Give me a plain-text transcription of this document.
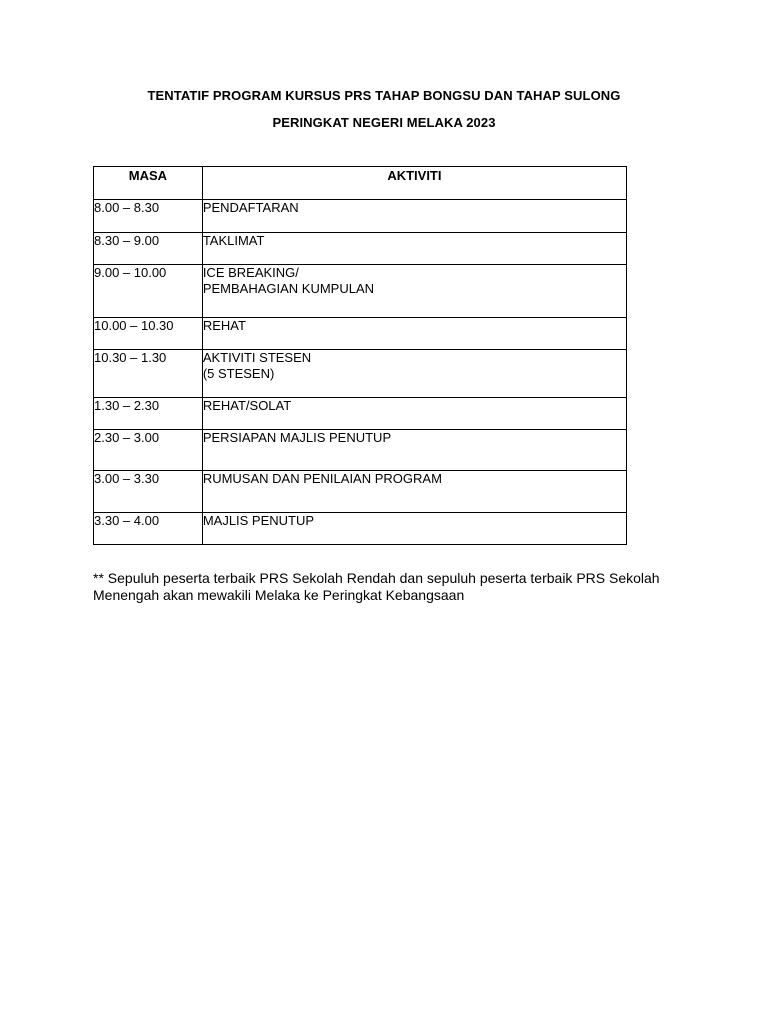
TENTATIF PROGRAM KURSUS PRS TAHAP BONGSU DAN TAHAP SULONG
PERINGKAT NEGERI MELAKA 2023
MASA	AKTIVITI

8.00 – 8.30	PENDAFTARAN

8.30 – 9.00	TAKLIMAT

9.00 – 10.00	ICE BREAKING/
PEMBAHAGIAN KUMPULAN

10.00 – 10.30	REHAT

10.30 – 1.30	AKTIVITI STESEN
(5 STESEN)

1.30 – 2.30	REHAT/SOLAT

2.30 – 3.00	PERSIAPAN MAJLIS PENUTUP

3.00 – 3.30	RUMUSAN DAN PENILAIAN PROGRAM

3.30 – 4.00	MAJLIS PENUTUP
** Sepuluh peserta terbaik PRS Sekolah Rendah dan sepuluh peserta terbaik PRS Sekolah
Menengah akan mewakili Melaka ke Peringkat Kebangsaan
